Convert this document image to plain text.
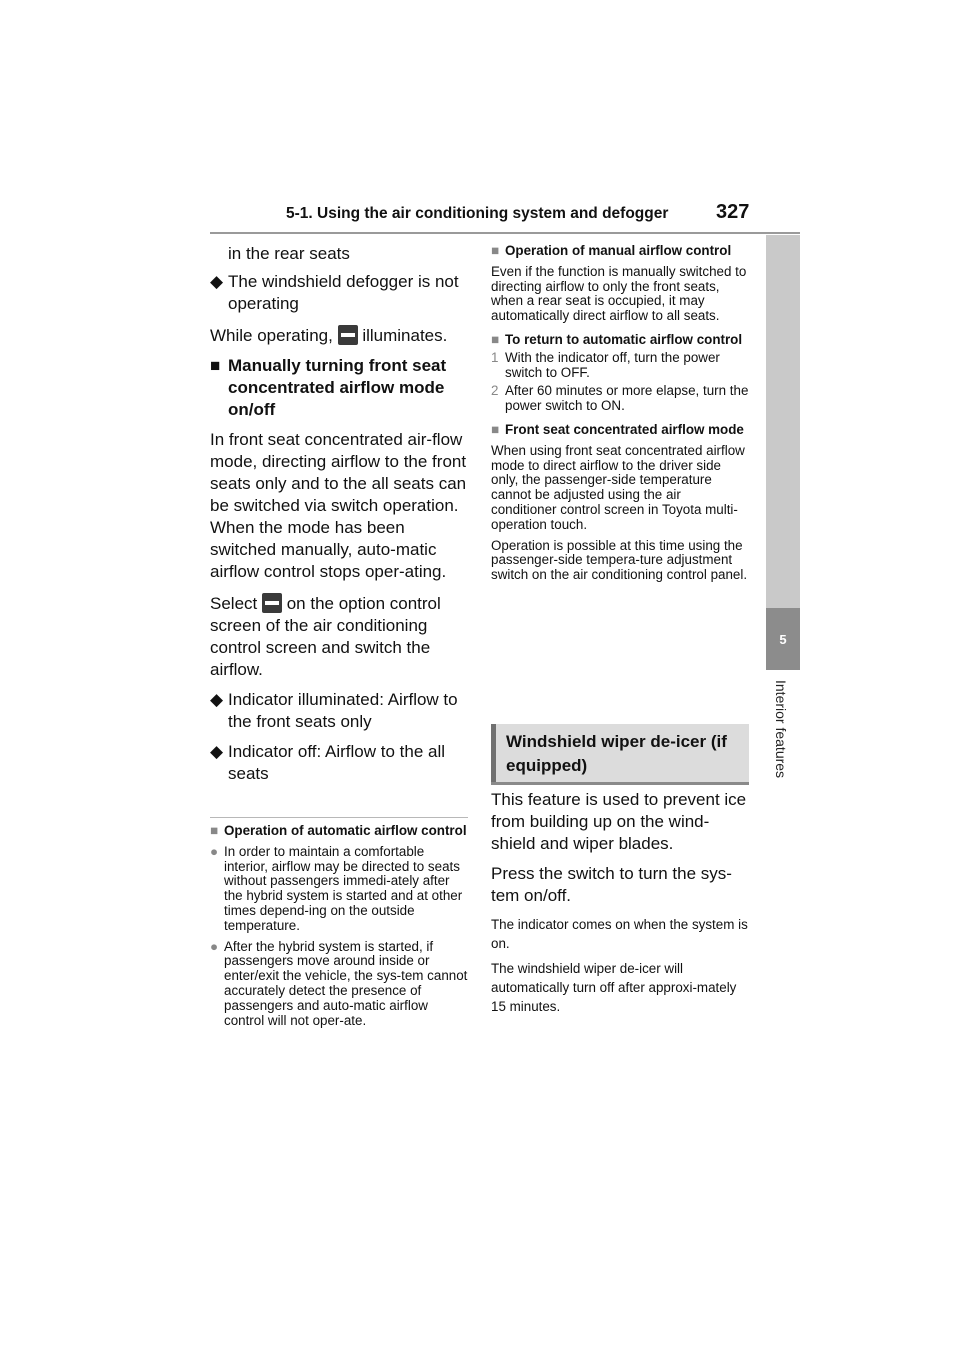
5-1. Using the air conditioning system and defogger 327
5
Interior features

in the rear seats

◆ The windshield defogger is not operating

While operating, illuminates.

■ Manually turning front seat concentrated airflow mode on/off

In front seat concentrated air-flow mode, directing airflow to the front seats only and to the all seats can be switched via switch operation. When the mode has been switched manually, auto-matic airflow control stops oper-ating.

Select on the option control screen of the air conditioning control screen and switch the airflow.

◆ Indicator illuminated: Airflow to the front seats only
◆ Indicator off: Airflow to the all seats
■ Operation of automatic airflow control
● In order to maintain a comfortable interior, airflow may be directed to seats without passengers immedi-ately after the hybrid system is started and at other times depend-ing on the outside temperature.
● After the hybrid system is started, if passengers move around inside or enter/exit the vehicle, the sys-tem cannot accurately detect the presence of passengers and auto-matic airflow control will not oper-ate.
■ Operation of manual airflow control

Even if the function is manually switched to directing airflow to only the front seats, when a rear seat is occupied, it may automatically direct airflow to all seats.

■ To return to automatic airflow control
1 With the indicator off, turn the power switch to OFF.
2 After 60 minutes or more elapse, turn the power switch to ON.
■ Front seat concentrated airflow mode

When using front seat concentrated airflow mode to direct airflow to the driver side only, the passenger-side temperature cannot be adjusted using the air conditioner control screen in Toyota multi-operation touch.

Operation is possible at this time using the passenger-side tempera-ture adjustment switch on the air conditioning control panel.

Windshield wiper de-icer (if equipped)

This feature is used to prevent ice from building up on the wind-shield and wiper blades.

Press the switch to turn the sys-tem on/off.

The indicator comes on when the system is on.

The windshield wiper de-icer will automatically turn off after approxi-mately 15 minutes.
